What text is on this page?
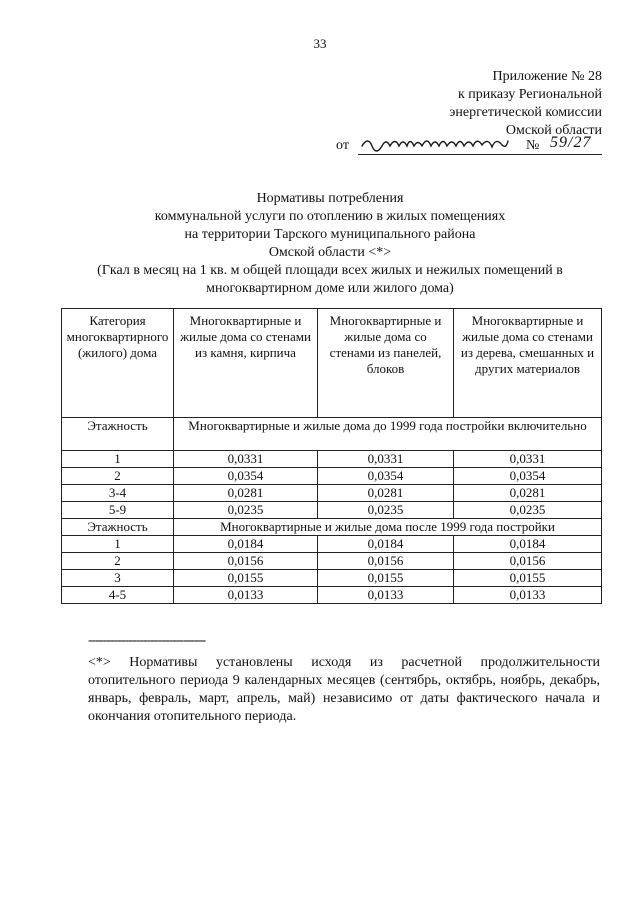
33
Приложение № 28
к приказу Региональной
энергетической комиссии
Омской области
от	№ 59/27
Нормативы потребления
коммунальной услуги по отоплению в жилых помещениях
на территории Тарского муниципального района
Омской области <*>
(Гкал в месяц на 1 кв. м общей площади всех жилых и нежилых помещений в
многоквартирном доме или жилого дома)
Категория многоквартирного (жилого) дома	Многоквартирные и жилые дома со стенами из камня, кирпича	Многоквартирные и жилые дома со стенами из панелей, блоков	Многоквартирные и жилые дома со стенами из дерева, смешанных и других материалов
Этажность	Многоквартирные и жилые дома до 1999 года постройки включительно		
1	0,0331	0,0331	0,0331
2	0,0354	0,0354	0,0354
3-4	0,0281	0,0281	0,0281
5-9	0,0235	0,0235	0,0235
Этажность	Многоквартирные и жилые дома после 1999 года постройки		
1	0,0184	0,0184	0,0184
2	0,0156	0,0156	0,0156
3	0,0155	0,0155	0,0155
4-5	0,0133	0,0133	0,0133
--------------------------------
<*> Нормативы установлены исходя из расчетной продолжительности отопительного периода 9 календарных месяцев (сентябрь, октябрь, ноябрь, декабрь, январь, февраль, март, апрель, май) независимо от даты фактического начала и окончания отопительного периода.
